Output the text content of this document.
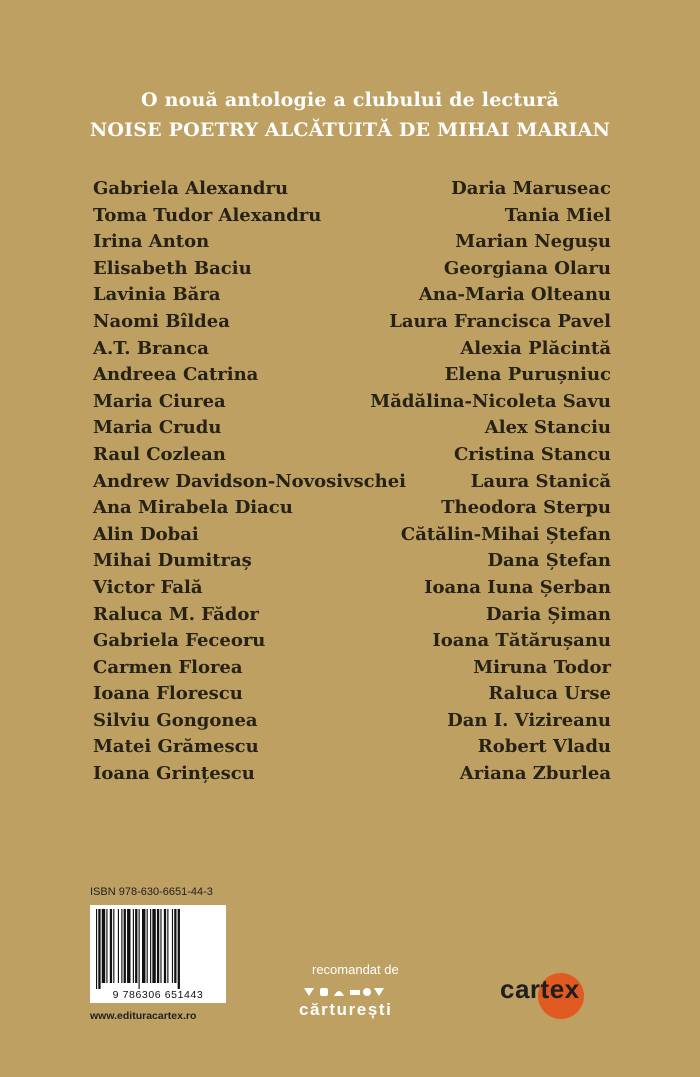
O nouă antologie a clubului de lectură
NOISE POETRY ALCĂTUITĂ DE MIHAI MARIAN
Gabriela Alexandru
Toma Tudor Alexandru
Irina Anton
Elisabeth Baciu
Lavinia Băra
Naomi Bîldea
A.T. Branca
Andreea Catrina
Maria Ciurea
Maria Crudu
Raul Cozlean
Andrew Davidson-Novosivschei
Ana Mirabela Diacu
Alin Dobai
Mihai Dumitraș
Victor Fală
Raluca M. Fădor
Gabriela Feceoru
Carmen Florea
Ioana Florescu
Silviu Gongonea
Matei Grămescu
Ioana Grințescu
Daria Maruseac
Tania Miel
Marian Negușu
Georgiana Olaru
Ana-Maria Olteanu
Laura Francisca Pavel
Alexia Plăcintă
Elena Purușniuc
Mădălina-Nicoleta Savu
Alex Stanciu
Cristina Stancu
Laura Stanică
Theodora Sterpu
Cătălin-Mihai Ștefan
Dana Ștefan
Ioana Iuna Șerban
Daria Șiman
Ioana Tătărușanu
Miruna Todor
Raluca Urse
Dan I. Vizireanu
Robert Vladu
Ariana Zburlea
ISBN 978-630-6651-44-3
9 786306 651443
www.edituracartex.ro
recomandat de
cărturești
cartex
